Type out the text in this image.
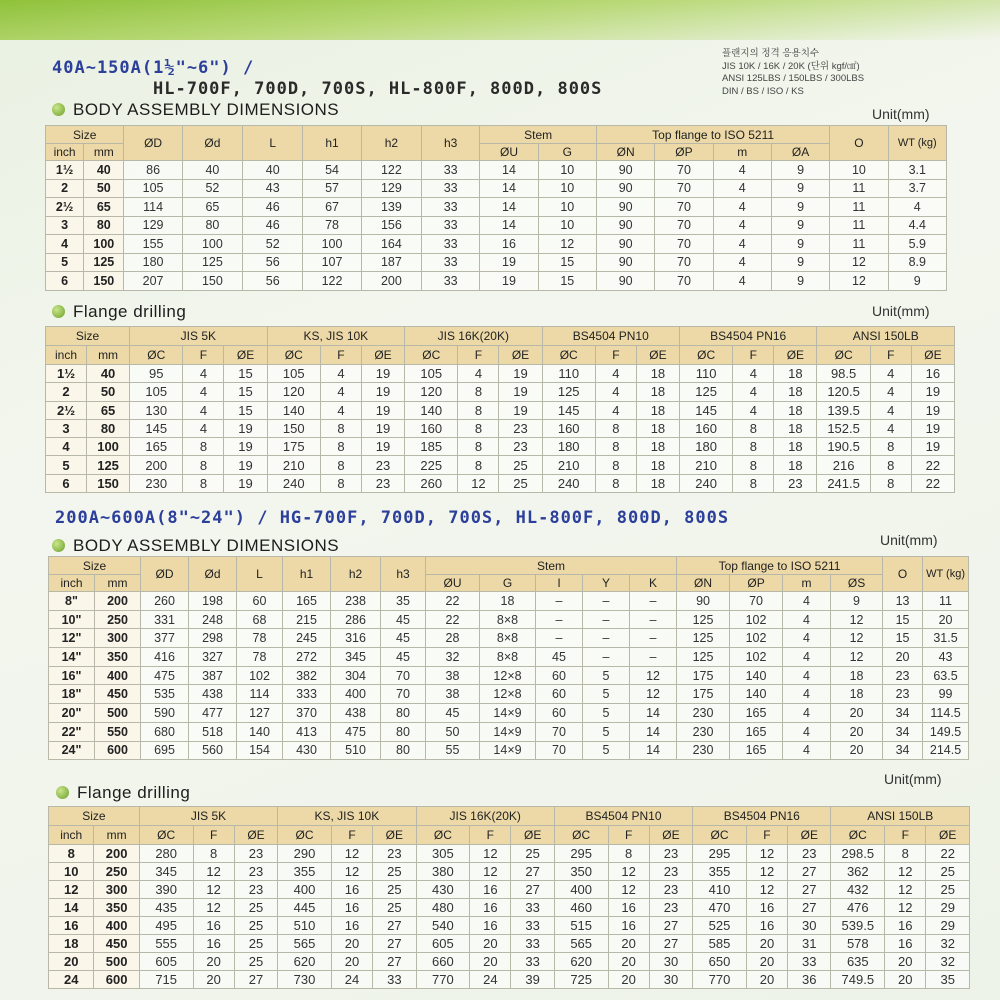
40A~150A(1½"~6") /
HL-700F, 700D, 700S, HL-800F, 800D, 800S
플랜지의 정격 응용치수
JIS 10K / 16K / 20K (단위 kgf/㎠)
ANSI 125LBS / 150LBS / 300LBS
DIN / BS / ISO / KS
BODY ASSEMBLY DIMENSIONS	Unit(mm)
Size		ØD	Ød	L	h1	h2	h3	Stem		Top flange to ISO 5211				O	WT (kg)
inch	mm							ØU	G	ØN	ØP	m	ØA		
1½	40	86	40	40	54	122	33	14	10	90	70	4	9	10	3.1
2	50	105	52	43	57	129	33	14	10	90	70	4	9	11	3.7
2½	65	114	65	46	67	139	33	14	10	90	70	4	9	11	4
3	80	129	80	46	78	156	33	14	10	90	70	4	9	11	4.4
4	100	155	100	52	100	164	33	16	12	90	70	4	9	11	5.9
5	125	180	125	56	107	187	33	19	15	90	70	4	9	12	8.9
6	150	207	150	56	122	200	33	19	15	90	70	4	9	12	9
Flange drilling	Unit(mm)
Size		JIS 5K			KS, JIS 10K			JIS 16K(20K)			BS4504 PN10			BS4504 PN16			ANSI 150LB		
inch	mm	ØC	F	ØE	ØC	F	ØE	ØC	F	ØE	ØC	F	ØE	ØC	F	ØE	ØC	F	ØE
1½	40	95	4	15	105	4	19	105	4	19	110	4	18	110	4	18	98.5	4	16
2	50	105	4	15	120	4	19	120	8	19	125	4	18	125	4	18	120.5	4	19
2½	65	130	4	15	140	4	19	140	8	19	145	4	18	145	4	18	139.5	4	19
3	80	145	4	19	150	8	19	160	8	23	160	8	18	160	8	18	152.5	4	19
4	100	165	8	19	175	8	19	185	8	23	180	8	18	180	8	18	190.5	8	19
5	125	200	8	19	210	8	23	225	8	25	210	8	18	210	8	18	216	8	22
6	150	230	8	19	240	8	23	260	12	25	240	8	18	240	8	23	241.5	8	22
200A~600A(8"~24") / HG-700F, 700D, 700S, HL-800F, 800D, 800S
BODY ASSEMBLY DIMENSIONS	Unit(mm)
Size		ØD	Ød	L	h1	h2	h3	Stem					Top flange to ISO 5211				O	WT (kg)
inch	mm							ØU	G	I	Y	K	ØN	ØP	m	ØS		
8"	200	260	198	60	165	238	35	22	18	–	–	–	90	70	4	9	13	11
10"	250	331	248	68	215	286	45	22	8×8	–	–	–	125	102	4	12	15	20
12"	300	377	298	78	245	316	45	28	8×8	–	–	–	125	102	4	12	15	31.5
14"	350	416	327	78	272	345	45	32	8×8	45	–	–	125	102	4	12	20	43
16"	400	475	387	102	382	304	70	38	12×8	60	5	12	175	140	4	18	23	63.5
18"	450	535	438	114	333	400	70	38	12×8	60	5	12	175	140	4	18	23	99
20"	500	590	477	127	370	438	80	45	14×9	60	5	14	230	165	4	20	34	114.5
22"	550	680	518	140	413	475	80	50	14×9	70	5	14	230	165	4	20	34	149.5
24"	600	695	560	154	430	510	80	55	14×9	70	5	14	230	165	4	20	34	214.5
Unit(mm)
Flange drilling
Size		JIS 5K			KS, JIS 10K			JIS 16K(20K)			BS4504 PN10			BS4504 PN16			ANSI 150LB		
inch	mm	ØC	F	ØE	ØC	F	ØE	ØC	F	ØE	ØC	F	ØE	ØC	F	ØE	ØC	F	ØE
8	200	280	8	23	290	12	23	305	12	25	295	8	23	295	12	23	298.5	8	22
10	250	345	12	23	355	12	25	380	12	27	350	12	23	355	12	27	362	12	25
12	300	390	12	23	400	16	25	430	16	27	400	12	23	410	12	27	432	12	25
14	350	435	12	25	445	16	25	480	16	33	460	16	23	470	16	27	476	12	29
16	400	495	16	25	510	16	27	540	16	33	515	16	27	525	16	30	539.5	16	29
18	450	555	16	25	565	20	27	605	20	33	565	20	27	585	20	31	578	16	32
20	500	605	20	25	620	20	27	660	20	33	620	20	30	650	20	33	635	20	32
24	600	715	20	27	730	24	33	770	24	39	725	20	30	770	20	36	749.5	20	35
